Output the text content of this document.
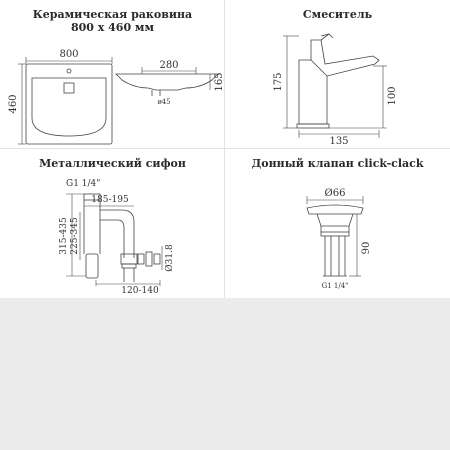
Керамическая раковина
800 x 460 мм
800
460
280
165
ø45
Смеситель
175
100
135
Металлический сифон
G1 1/4"
185-195
315-435 225-345
Ø31.8
120-140
Донный клапан click-clack
Ø66
90
G1 1/4"
